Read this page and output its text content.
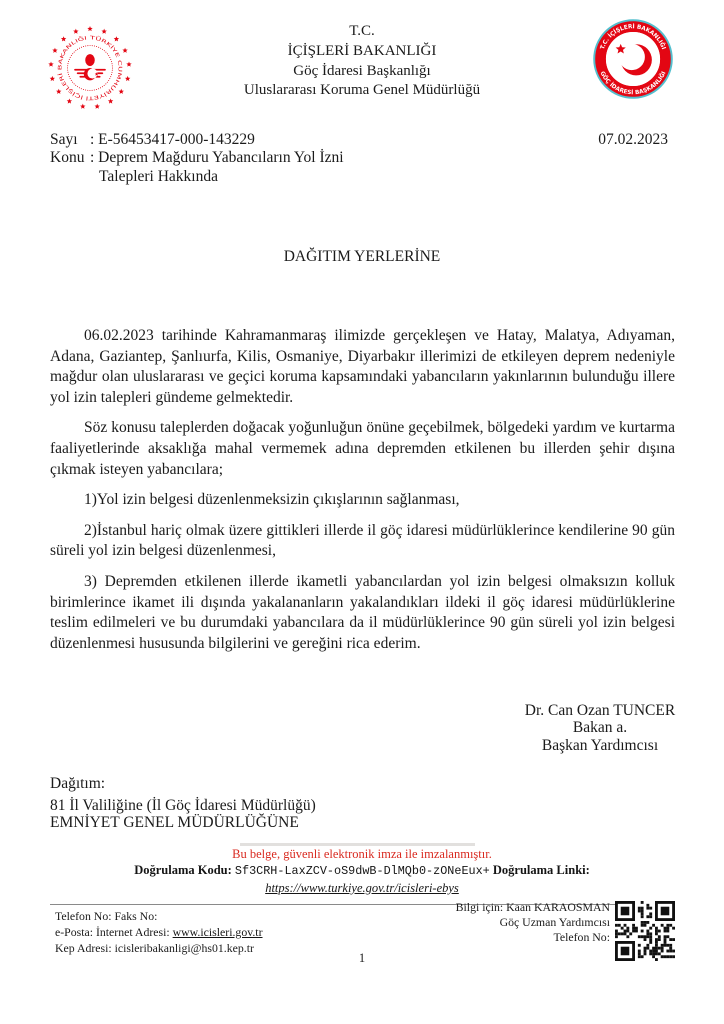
TÜRKİYE CUMHURİYETİ İÇİŞLERİ BAKANLIĞI	T.C.
İÇİŞLERİ BAKANLIĞI
Göç İdaresi Başkanlığı
Uluslararası Koruma Genel Müdürlüğü
T.C. İÇİŞLERİ BAKANLIĞI
GÖÇ İDARESİ BAŞKANLIĞI
Sayı : E-56453417-000-143229	07.02.2023
Konu : Deprem Mağduru Yabancıların Yol İzni
Talepleri Hakkında
DAĞITIM YERLERİNE

06.02.2023 tarihinde Kahramanmaraş ilimizde gerçekleşen ve Hatay, Malatya, Adıyaman, Adana, Gaziantep, Şanlıurfa, Kilis, Osmaniye, Diyarbakır illerimizi de etkileyen deprem nedeniyle mağdur olan uluslararası ve geçici koruma kapsamındaki yabancıların yakınlarının bulunduğu illere yol izin talepleri gündeme gelmektedir.

Söz konusu taleplerden doğacak yoğunluğun önüne geçebilmek, bölgedeki yardım ve kurtarma faaliyetlerinde aksaklığa mahal vermemek adına depremden etkilenen bu illerden şehir dışına çıkmak isteyen yabancılara;

1)Yol izin belgesi düzenlenmeksizin çıkışlarının sağlanması,

2)İstanbul hariç olmak üzere gittikleri illerde il göç idaresi müdürlüklerince kendilerine 90 gün süreli yol izin belgesi düzenlenmesi,

3) Depremden etkilenen illerde ikametli yabancılardan yol izin belgesi olmaksızın kolluk birimlerince ikamet ili dışında yakalananların yakalandıkları ildeki il göç idaresi müdürlüklerine teslim edilmeleri ve bu durumdaki yabancılara da il müdürlüklerince 90 gün süreli yol izin belgesi düzenlenmesi hususunda bilgilerini ve gereğini rica ederim.

Dr. Can Ozan TUNCER
Bakan a.
Başkan Yardımcısı
Dağıtım:
81 İl Valiliğine (İl Göç İdaresi Müdürlüğü)
EMNİYET GENEL MÜDÜRLÜĞÜNE
Bu belge, güvenli elektronik imza ile imzalanmıştır.
Doğrulama Kodu: Sf3CRH-LaxZCV-oS9dwB-DlMQb0-zONeEux+ Doğrulama Linki: https://www.turkiye.gov.tr/icisleri-ebys
Telefon No: Faks No:
e-Posta: İnternet Adresi: www.icisleri.gov.tr
Kep Adresi: icisleribakanligi@hs01.kep.tr
Bilgi için: Kaan KARAOSMAN
Göç Uzman Yardımcısı
Telefon No:
1
